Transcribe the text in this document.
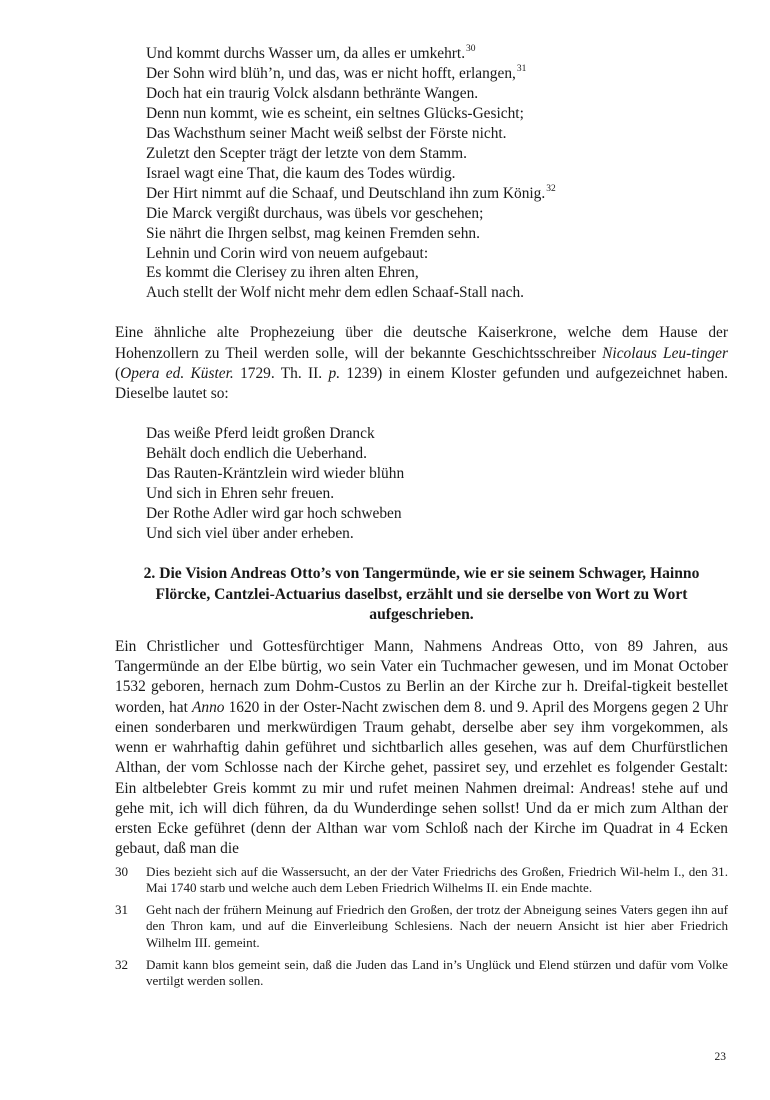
Und kommt durchs Wasser um, da alles er umkehrt.$^{30}$
Der Sohn wird blüh’n, und das, was er nicht hofft, erlangen,$^{31}$
Doch hat ein traurig Volck alsdann bethränte Wangen.
Denn nun kommt, wie es scheint, ein seltnes Glücks-Gesicht;
Das Wachsthum seiner Macht weiß selbst der Förste nicht.
Zuletzt den Scepter trägt der letzte von dem Stamm.
Israel wagt eine That, die kaum des Todes würdig.
Der Hirt nimmt auf die Schaaf, und Deutschland ihn zum König.$^{32}$
Die Marck vergißt durchaus, was übels vor geschehen;
Sie nährt die Ihrgen selbst, mag keinen Fremden sehn.
Lehnin und Corin wird von neuem aufgebaut:
Es kommt die Clerisey zu ihren alten Ehren,
Auch stellt der Wolf nicht mehr dem edlen Schaaf-Stall nach.

Eine ähnliche alte Prophezeiung über die deutsche Kaiserkrone, welche dem Hause der Hohenzollern zu Theil werden solle, will der bekannte Geschichtsschreiber Nicolaus Leu-tinger (Opera ed. Küster. 1729. Th. II. p. 1239) in einem Kloster gefunden und aufgezeichnet haben. Dieselbe lautet so:

Das weiße Pferd leidt großen Dranck
Behält doch endlich die Ueberhand.
Das Rauten-Kräntzlein wird wieder blühn
Und sich in Ehren sehr freuen.
Der Rothe Adler wird gar hoch schweben
Und sich viel über ander erheben.

2. Die Vision Andreas Otto’s von Tangermünde, wie er sie seinem Schwager, Hainno Flörcke, Cantzlei-Actuarius daselbst, erzählt und sie derselbe von Wort zu Wort aufgeschrieben.

Ein Christlicher und Gottesfürchtiger Mann, Nahmens Andreas Otto, von 89 Jahren, aus Tangermünde an der Elbe bürtig, wo sein Vater ein Tuchmacher gewesen, und im Monat October 1532 geboren, hernach zum Dohm-Custos zu Berlin an der Kirche zur h. Dreifal-tigkeit bestellet worden, hat Anno 1620 in der Oster-Nacht zwischen dem 8. und 9. April des Morgens gegen 2 Uhr einen sonderbaren und merkwürdigen Traum gehabt, derselbe aber sey ihm vorgekommen, als wenn er wahrhaftig dahin geführet und sichtbarlich alles gesehen, was auf dem Churfürstlichen Althan, der vom Schlosse nach der Kirche gehet, passiret sey, und erzehlet es folgender Gestalt: Ein altbelebter Greis kommt zu mir und rufet meinen Nahmen dreimal: Andreas! stehe auf und gehe mit, ich will dich führen, da du Wunderdinge sehen sollst! Und da er mich zum Althan der ersten Ecke geführet (denn der Althan war vom Schloß nach der Kirche im Quadrat in 4 Ecken gebaut, daß man die

30	Dies bezieht sich auf die Wassersucht, an der der Vater Friedrichs des Großen, Friedrich Wil-helm I., den 31. Mai 1740 starb und welche auch dem Leben Friedrich Wilhelms II. ein Ende machte.
31	Geht nach der frühern Meinung auf Friedrich den Großen, der trotz der Abneigung seines Vaters gegen ihn auf den Thron kam, und auf die Einverleibung Schlesiens. Nach der neuern Ansicht ist hier aber Friedrich Wilhelm III. gemeint.
32	Damit kann blos gemeint sein, daß die Juden das Land in’s Unglück und Elend stürzen und dafür vom Volke vertilgt werden sollen.
23
